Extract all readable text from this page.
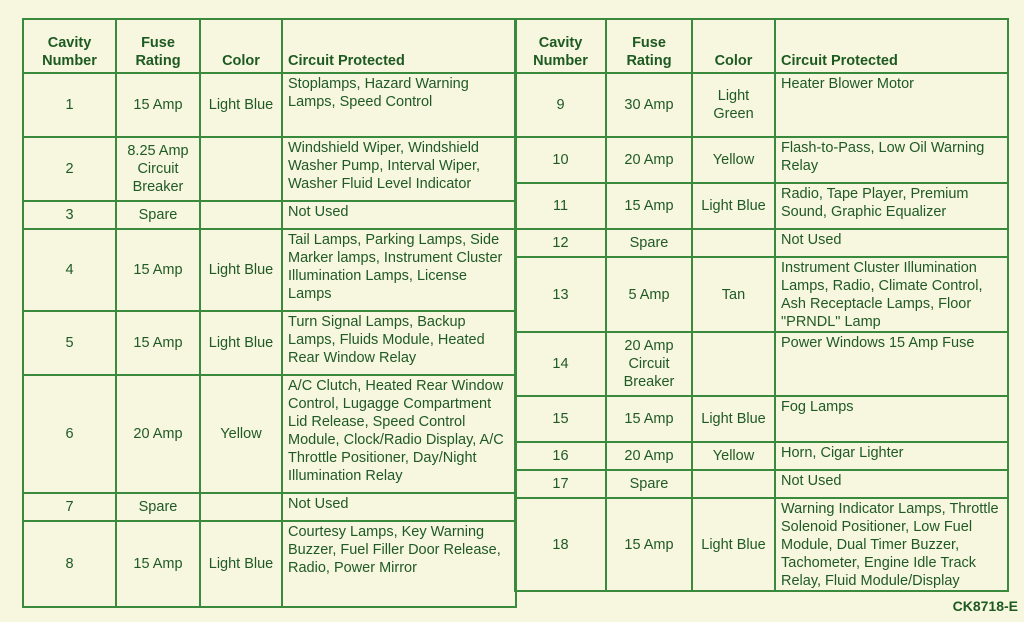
Cavity Number	Fuse Rating	Color	Circuit Protected
1	15 Amp	Light Blue	Stoplamps, Hazard Warning Lamps, Speed Control
2	8.25 Amp Circuit Breaker		Windshield Wiper, Windshield Washer Pump, Interval Wiper, Washer Fluid Level Indicator
3	Spare		Not Used
4	15 Amp	Light Blue	Tail Lamps, Parking Lamps, Side Marker lamps, Instrument Cluster Illumination Lamps, License Lamps
5	15 Amp	Light Blue	Turn Signal Lamps, Backup Lamps, Fluids Module, Heated Rear Window Relay
6	20 Amp	Yellow	A/C Clutch, Heated Rear Window Control, Lugagge Compartment Lid Release, Speed Control Module, Clock/Radio Display, A/C Throttle Positioner, Day/Night Illumination Relay
7	Spare		Not Used
8	15 Amp	Light Blue	Courtesy Lamps, Key Warning Buzzer, Fuel Filler Door Release, Radio, Power Mirror
Cavity Number	Fuse Rating	Color	Circuit Protected
9	30 Amp	Light Green	Heater Blower Motor
10	20 Amp	Yellow	Flash-to-Pass, Low Oil Warning Relay
11	15 Amp	Light Blue	Radio, Tape Player, Premium Sound, Graphic Equalizer
12	Spare		Not Used
13	5 Amp	Tan	Instrument Cluster Illumination Lamps, Radio, Climate Control, Ash Receptacle Lamps, Floor "PRNDL" Lamp
14	20 Amp Circuit Breaker		Power Windows 15 Amp Fuse
15	15 Amp	Light Blue	Fog Lamps
16	20 Amp	Yellow	Horn, Cigar Lighter
17	Spare		Not Used
18	15 Amp	Light Blue	Warning Indicator Lamps, Throttle Solenoid Positioner, Low Fuel Module, Dual Timer Buzzer, Tachometer, Engine Idle Track Relay, Fluid Module/Display
CK8718-E
